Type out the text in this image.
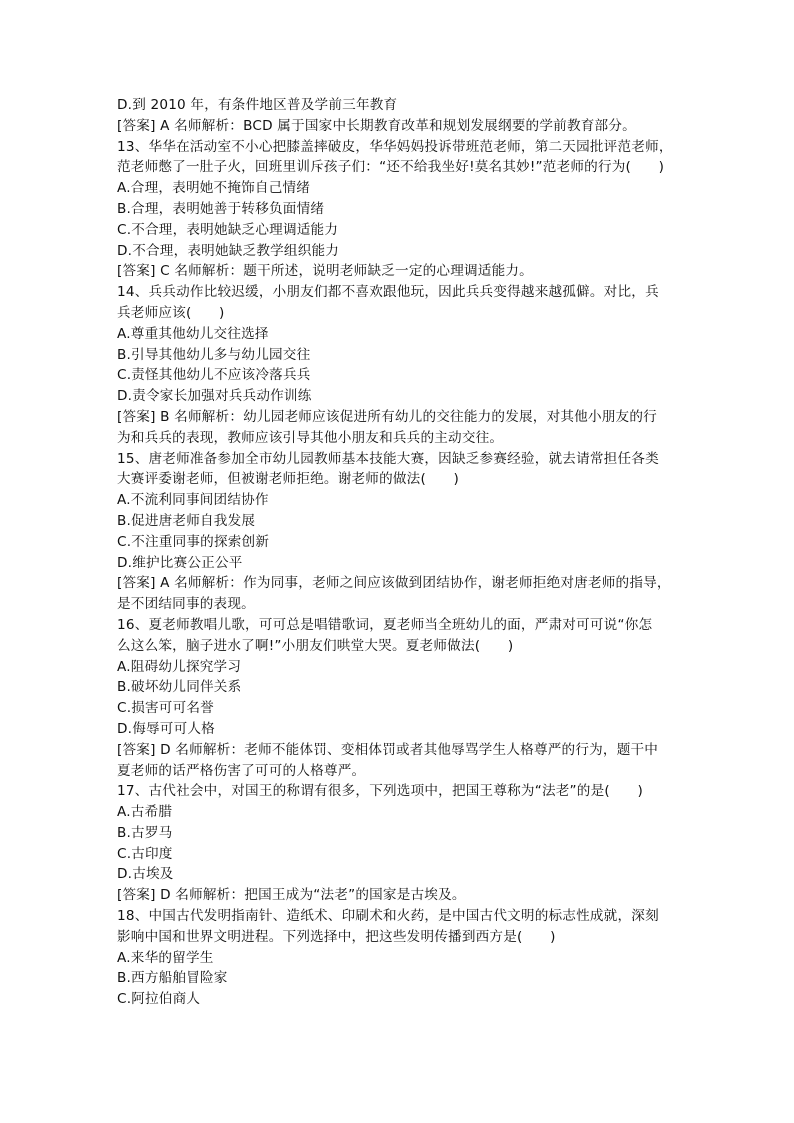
D.到 2010 年，有条件地区普及学前三年教育
[答案] A 名师解析：BCD 属于国家中长期教育改革和规划发展纲要的学前教育部分。
13、华华在活动室不小心把膝盖摔破皮，华华妈妈投诉带班范老师，第二天园批评范老师，
范老师憋了一肚子火，回班里训斥孩子们：“还不给我坐好!莫名其妙!”范老师的行为(　　)
A.合理，表明她不掩饰自己情绪
B.合理，表明她善于转移负面情绪
C.不合理，表明她缺乏心理调适能力
D.不合理，表明她缺乏教学组织能力
[答案] C 名师解析：题干所述，说明老师缺乏一定的心理调适能力。
14、兵兵动作比较迟缓，小朋友们都不喜欢跟他玩，因此兵兵变得越来越孤僻。对比，兵
兵老师应该(　　)
A.尊重其他幼儿交往选择
B.引导其他幼儿多与幼儿园交往
C.责怪其他幼儿不应该冷落兵兵
D.责令家长加强对兵兵动作训练
[答案] B 名师解析：幼儿园老师应该促进所有幼儿的交往能力的发展，对其他小朋友的行
为和兵兵的表现，教师应该引导其他小朋友和兵兵的主动交往。
15、唐老师准备参加全市幼儿园教师基本技能大赛，因缺乏参赛经验，就去请常担任各类
大赛评委谢老师，但被谢老师拒绝。谢老师的做法(　　)
A.不流利同事间团结协作
B.促进唐老师自我发展
C.不注重同事的探索创新
D.维护比赛公正公平
[答案] A 名师解析：作为同事，老师之间应该做到团结协作，谢老师拒绝对唐老师的指导，
是不团结同事的表现。
16、夏老师教唱儿歌，可可总是唱错歌词，夏老师当全班幼儿的面，严肃对可可说“你怎
么这么笨，脑子进水了啊!”小朋友们哄堂大哭。夏老师做法(　　)
A.阻碍幼儿探究学习
B.破坏幼儿同伴关系
C.损害可可名誉
D.侮辱可可人格
[答案] D 名师解析：老师不能体罚、变相体罚或者其他辱骂学生人格尊严的行为，题干中
夏老师的话严格伤害了可可的人格尊严。
17、古代社会中，对国王的称谓有很多，下列选项中，把国王尊称为“法老”的是(　　)
A.古希腊
B.古罗马
C.古印度
D.古埃及
[答案] D 名师解析：把国王成为“法老”的国家是古埃及。
18、中国古代发明指南针、造纸术、印刷术和火药，是中国古代文明的标志性成就，深刻
影响中国和世界文明进程。下列选择中，把这些发明传播到西方是(　　)
A.来华的留学生
B.西方船舶冒险家
C.阿拉伯商人
